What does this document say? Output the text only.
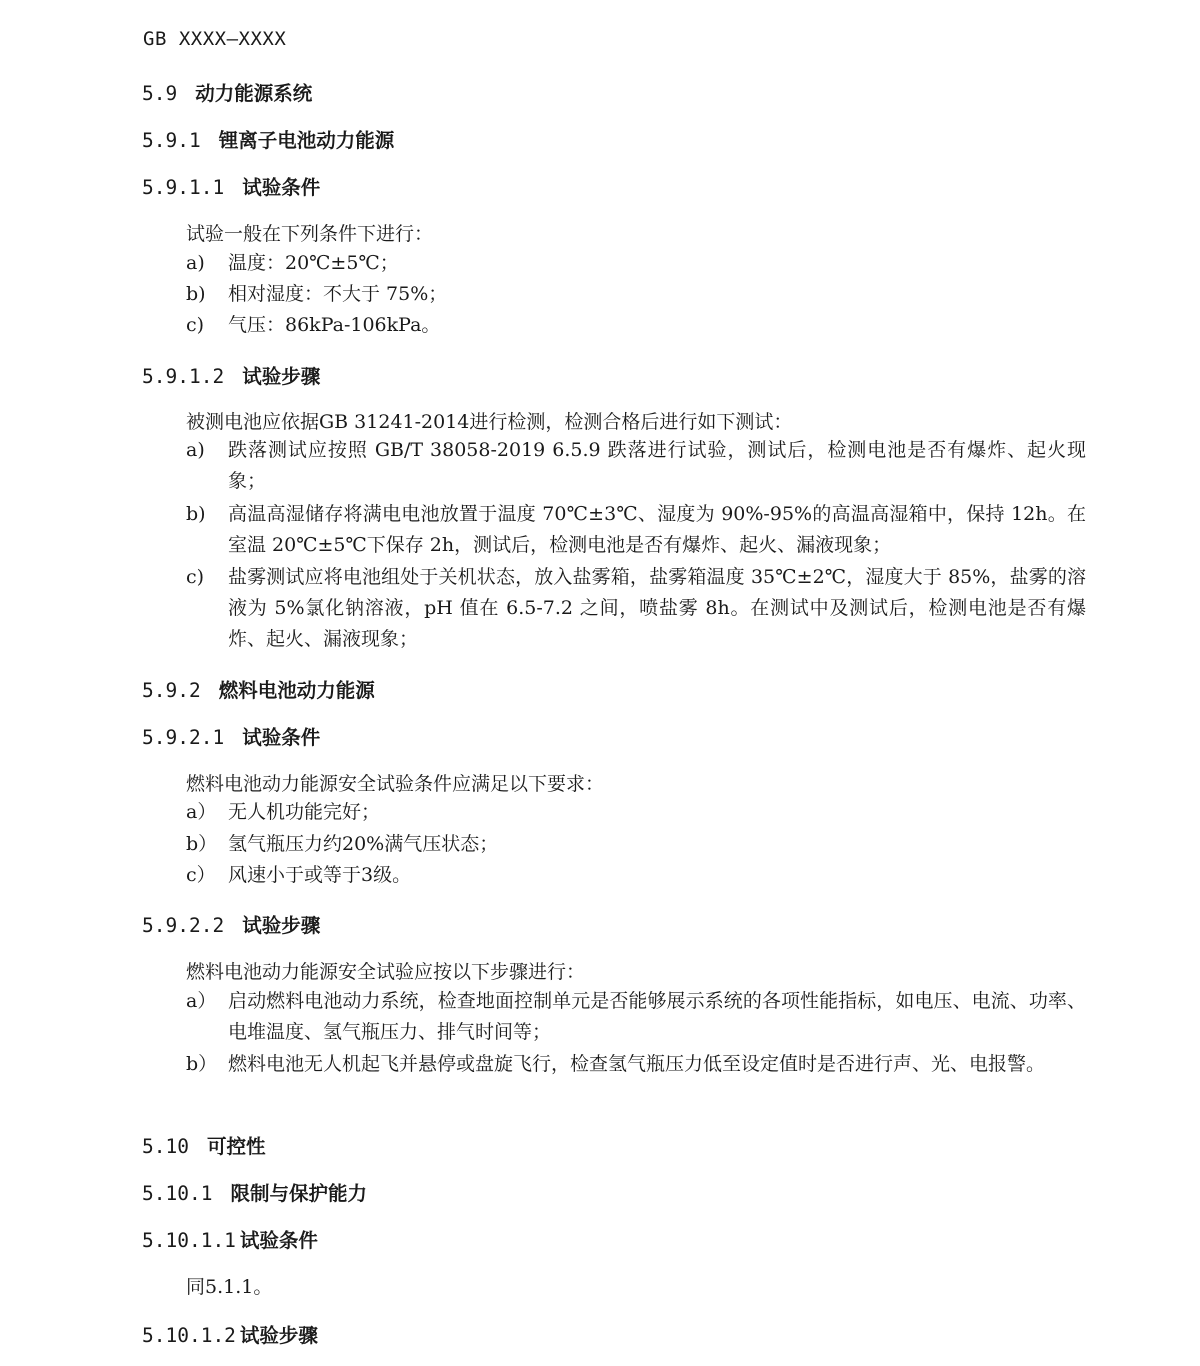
GB XXXX—XXXX
5.9 动力能源系统
5.9.1 锂离子电池动力能源
5.9.1.1 试验条件
试验一般在下列条件下进行：
a)	温度：20℃±5℃；
b)	相对湿度：不大于 75%；
c)	气压：86kPa-106kPa。
5.9.1.2 试验步骤
被测电池应依据GB 31241-2014进行检测，检测合格后进行如下测试：
a)	跌落测试应按照 GB/T 38058-2019 6.5.9 跌落进行试验，测试后，检测电池是否有爆炸、起火现象；
b)	高温高湿储存将满电电池放置于温度 70℃±3℃、湿度为 90%-95%的高温高湿箱中，保持 12h。在室温 20℃±5℃下保存 2h，测试后，检测电池是否有爆炸、起火、漏液现象；
c)	盐雾测试应将电池组处于关机状态，放入盐雾箱，盐雾箱温度 35℃±2℃，湿度大于 85%，盐雾的溶液为 5%氯化钠溶液，pH 值在 6.5-7.2 之间，喷盐雾 8h。在测试中及测试后，检测电池是否有爆炸、起火、漏液现象；
5.9.2 燃料电池动力能源
5.9.2.1 试验条件
燃料电池动力能源安全试验条件应满足以下要求：
a） 无人机功能完好；
b） 氢气瓶压力约20%满气压状态；
c） 风速小于或等于3级。
5.9.2.2 试验步骤
燃料电池动力能源安全试验应按以下步骤进行：
a） 启动燃料电池动力系统，检查地面控制单元是否能够展示系统的各项性能指标，如电压、电流、功率、电堆温度、氢气瓶压力、排气时间等；
b） 燃料电池无人机起飞并悬停或盘旋飞行，检查氢气瓶压力低至设定值时是否进行声、光、电报警。
5.10 可控性
5.10.1 限制与保护能力
5.10.1.1 试验条件
同5.1.1。
5.10.1.2 试验步骤
